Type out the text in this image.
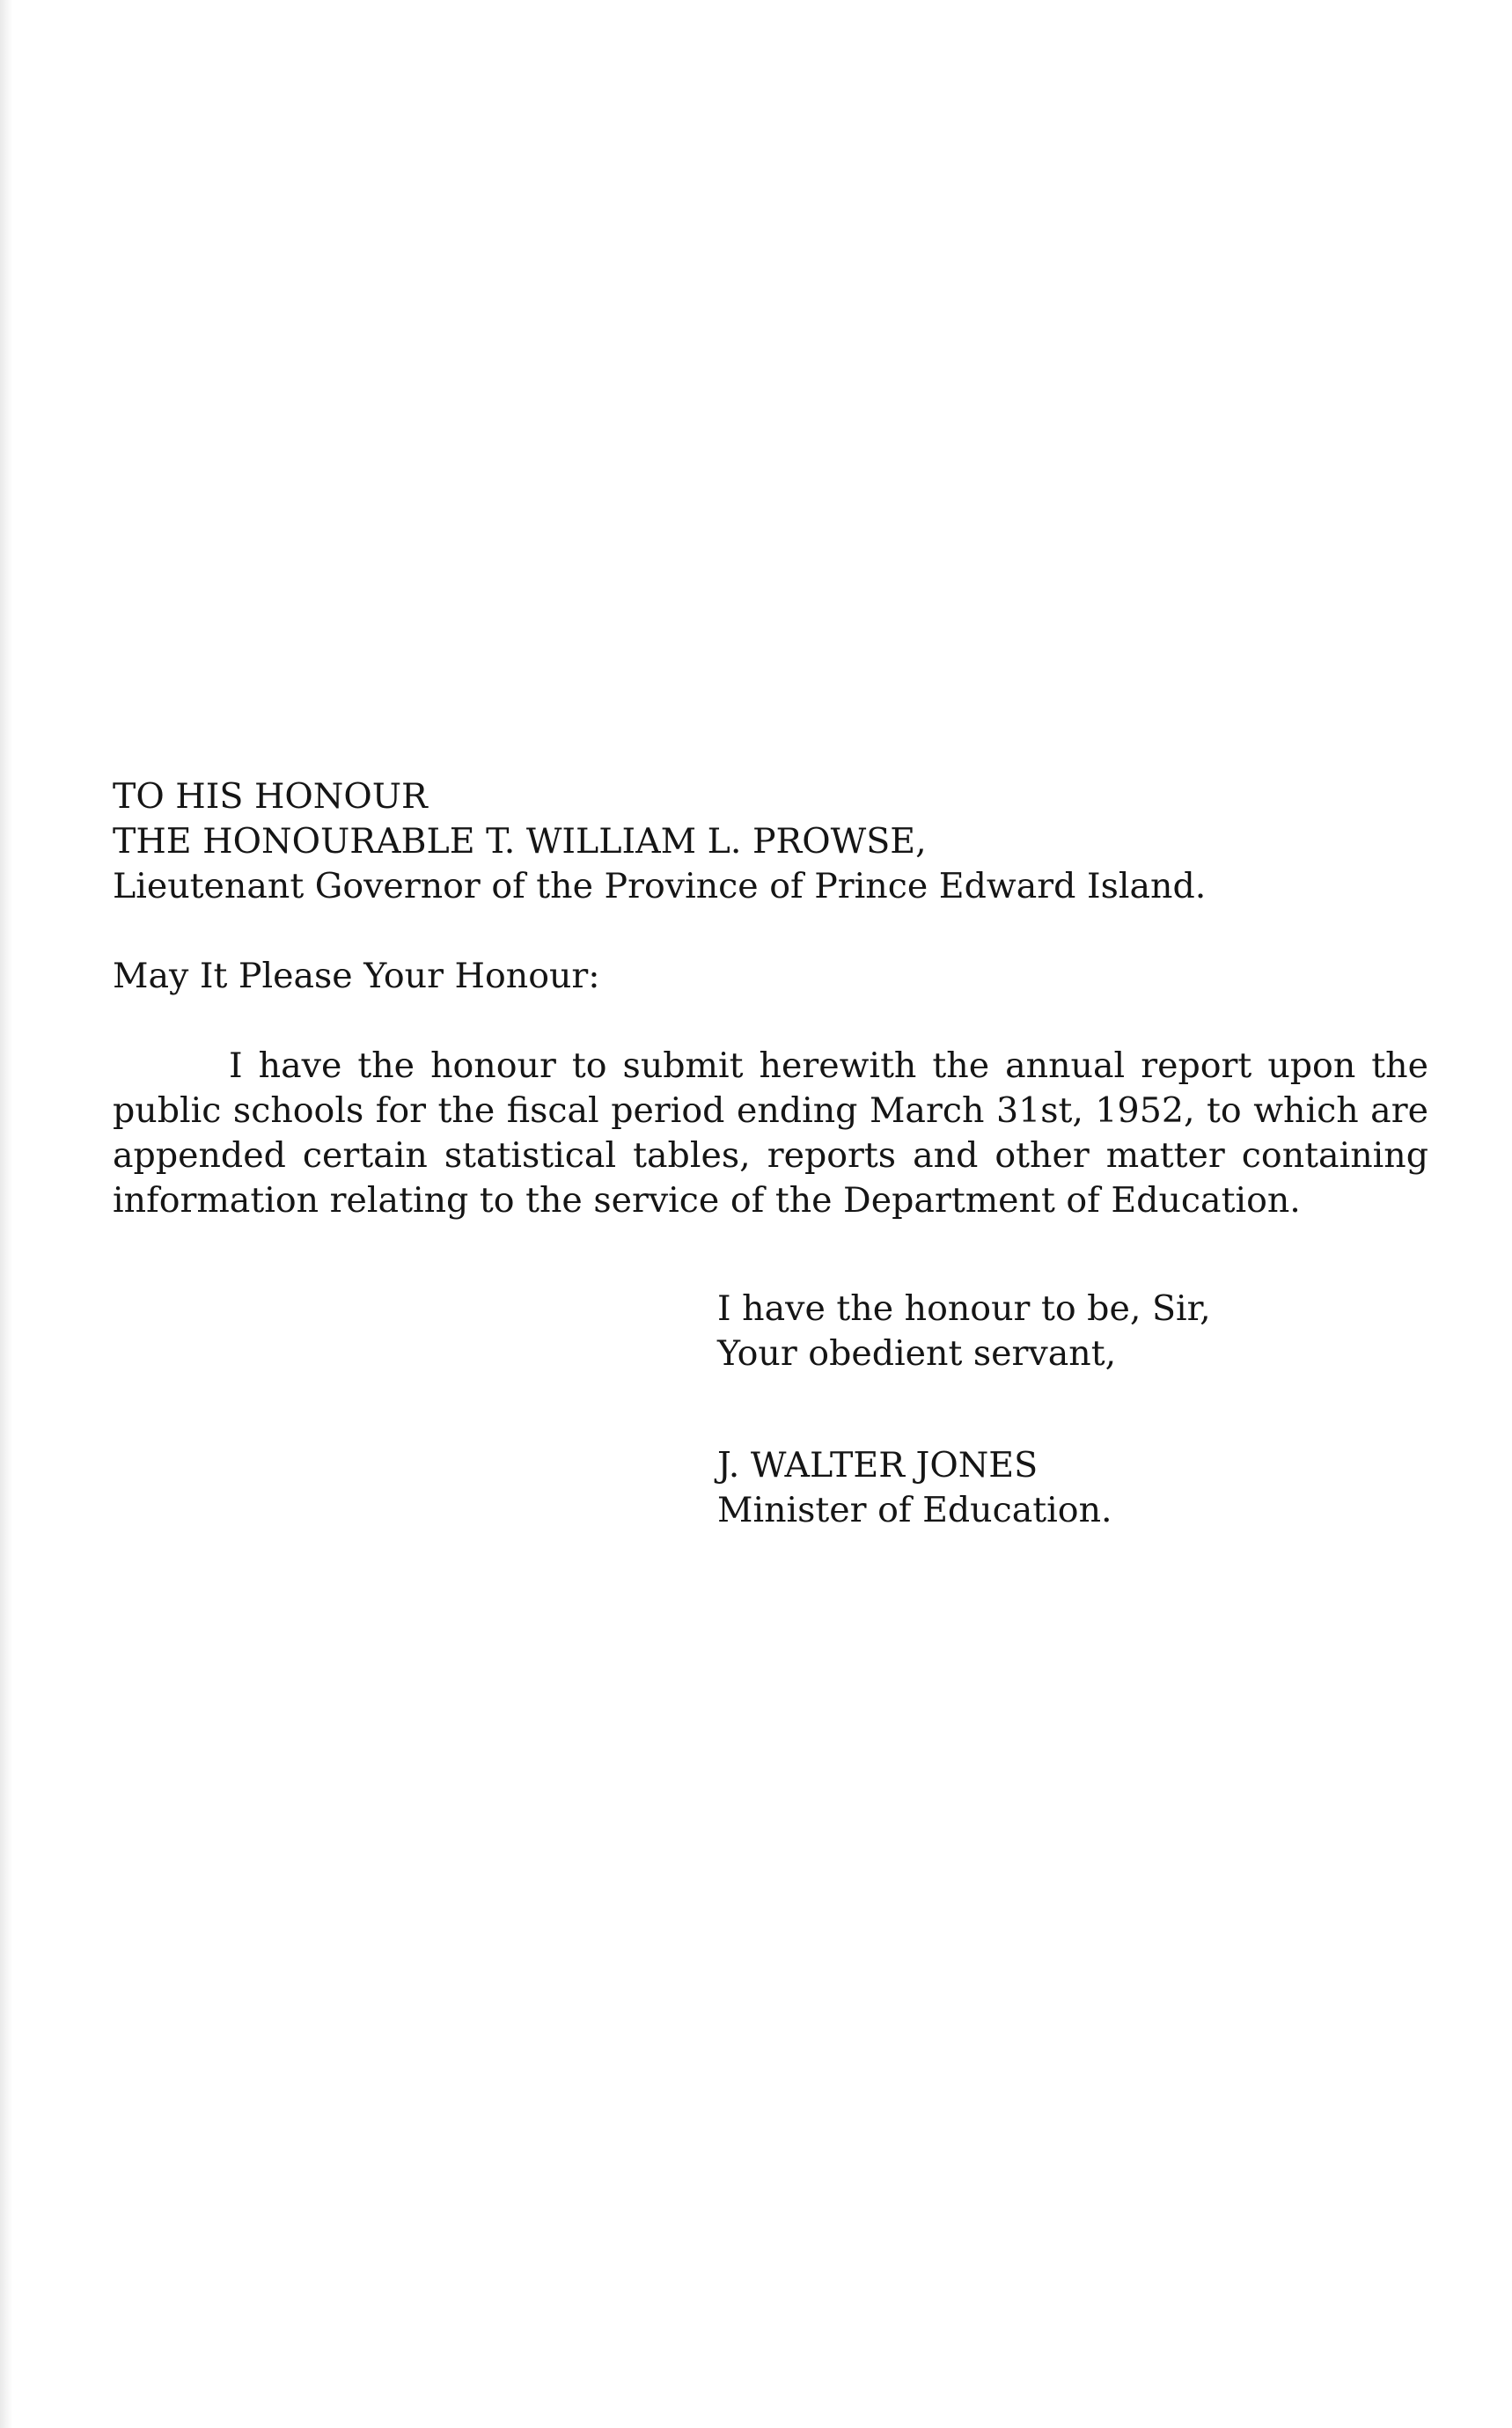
TO HIS HONOUR
THE HONOURABLE T. WILLIAM L. PROWSE,
Lieutenant Governor of the Province of Prince Edward Island.
May It Please Your Honour:
I have the honour to submit herewith the annual report upon the public schools for the fiscal period ending March 31st, 1952, to which are appended certain statistical tables, reports and other matter containing information relating to the service of the Department of Education.
I have the honour to be, Sir,
Your obedient servant,
J. WALTER JONES
Minister of Education.
